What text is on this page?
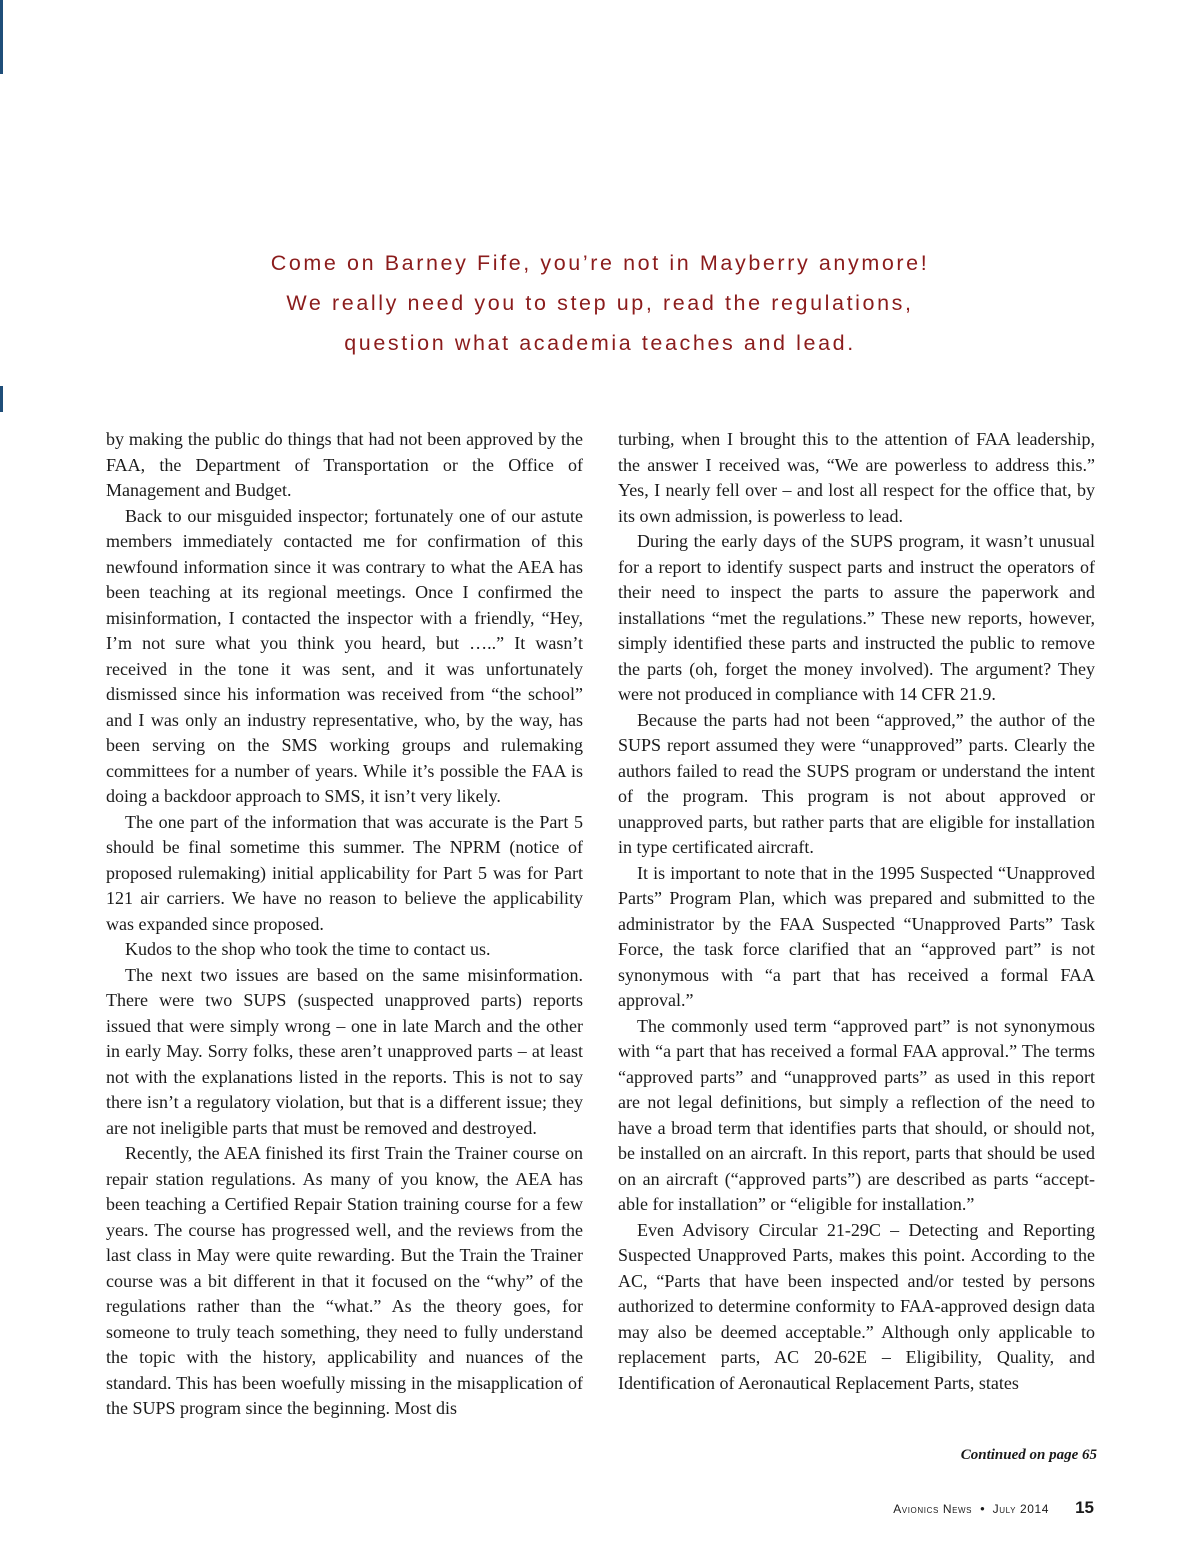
Come on Barney Fife, you’re not in Mayberry anymore!
We really need you to step up, read the regulations,
question what academia teaches and lead.

by making the public do things that had not been approved by the FAA, the Department of Transportation or the Office of Management and Budget.

Back to our misguided inspector; fortunately one of our astute members immediately contacted me for confirmation of this newfound information since it was contrary to what the AEA has been teaching at its regional meetings. Once I confirmed the misinformation, I contacted the inspector with a friendly, “Hey, I’m not sure what you think you heard, but …..” It wasn’t received in the tone it was sent, and it was unfortunately dismissed since his information was received from “the school” and I was only an industry representative, who, by the way, has been serving on the SMS working groups and rulemaking committees for a number of years. While it’s possible the FAA is doing a backdoor approach to SMS, it isn’t very likely.

The one part of the information that was accurate is the Part 5 should be final sometime this summer. The NPRM (notice of proposed rulemaking) initial applicability for Part 5 was for Part 121 air carriers. We have no reason to believe the applicability was expanded since proposed.

Kudos to the shop who took the time to contact us.

The next two issues are based on the same misinformation. There were two SUPS (suspected unapproved parts) reports issued that were simply wrong – one in late March and the other in early May. Sorry folks, these aren’t unapproved parts – at least not with the explanations listed in the reports. This is not to say there isn’t a regulatory violation, but that is a different issue; they are not ineligible parts that must be removed and destroyed.

Recently, the AEA finished its first Train the Trainer course on repair station regulations. As many of you know, the AEA has been teaching a Certified Repair Station training course for a few years. The course has progressed well, and the reviews from the last class in May were quite rewarding. But the Train the Trainer course was a bit different in that it focused on the “why” of the regulations rather than the “what.” As the theory goes, for someone to truly teach something, they need to fully understand the topic with the history, applicability and nuances of the standard. This has been woefully missing in the misapplication of the SUPS program since the beginning. Most dis

turbing, when I brought this to the attention of FAA leadership, the answer I received was, “We are powerless to address this.” Yes, I nearly fell over – and lost all respect for the office that, by its own admission, is powerless to lead.

During the early days of the SUPS program, it wasn’t unusual for a report to identify suspect parts and instruct the operators of their need to inspect the parts to assure the paperwork and installations “met the regulations.” These new reports, however, simply identified these parts and instructed the public to remove the parts (oh, forget the money involved). The argument? They were not produced in compliance with 14 CFR 21.9.

Because the parts had not been “approved,” the author of the SUPS report assumed they were “unapproved” parts. Clearly the authors failed to read the SUPS program or understand the intent of the program. This program is not about approved or unapproved parts, but rather parts that are eligible for installation in type certificated aircraft.

It is important to note that in the 1995 Suspected “Unapproved Parts” Program Plan, which was prepared and submitted to the administrator by the FAA Suspected “Unapproved Parts” Task Force, the task force clarified that an “approved part” is not synonymous with “a part that has received a formal FAA approval.”

The commonly used term “approved part” is not synonymous with “a part that has received a formal FAA approval.” The terms “approved parts” and “unapproved parts” as used in this report are not legal definitions, but simply a reflection of the need to have a broad term that identifies parts that should, or should not, be installed on an aircraft. In this report, parts that should be used on an aircraft (“approved parts”) are described as parts “acceptable for installation” or “eligible for installation.”

Even Advisory Circular 21-29C – Detecting and Reporting Suspected Unapproved Parts, makes this point. According to the AC, “Parts that have been inspected and/or tested by persons authorized to determine conformity to FAA-approved design data may also be deemed acceptable.” Although only applicable to replacement parts, AC 20-62E – Eligibility, Quality, and Identification of Aeronautical Replacement Parts, states

Continued on page 65
Avionics News • July 2014 15
